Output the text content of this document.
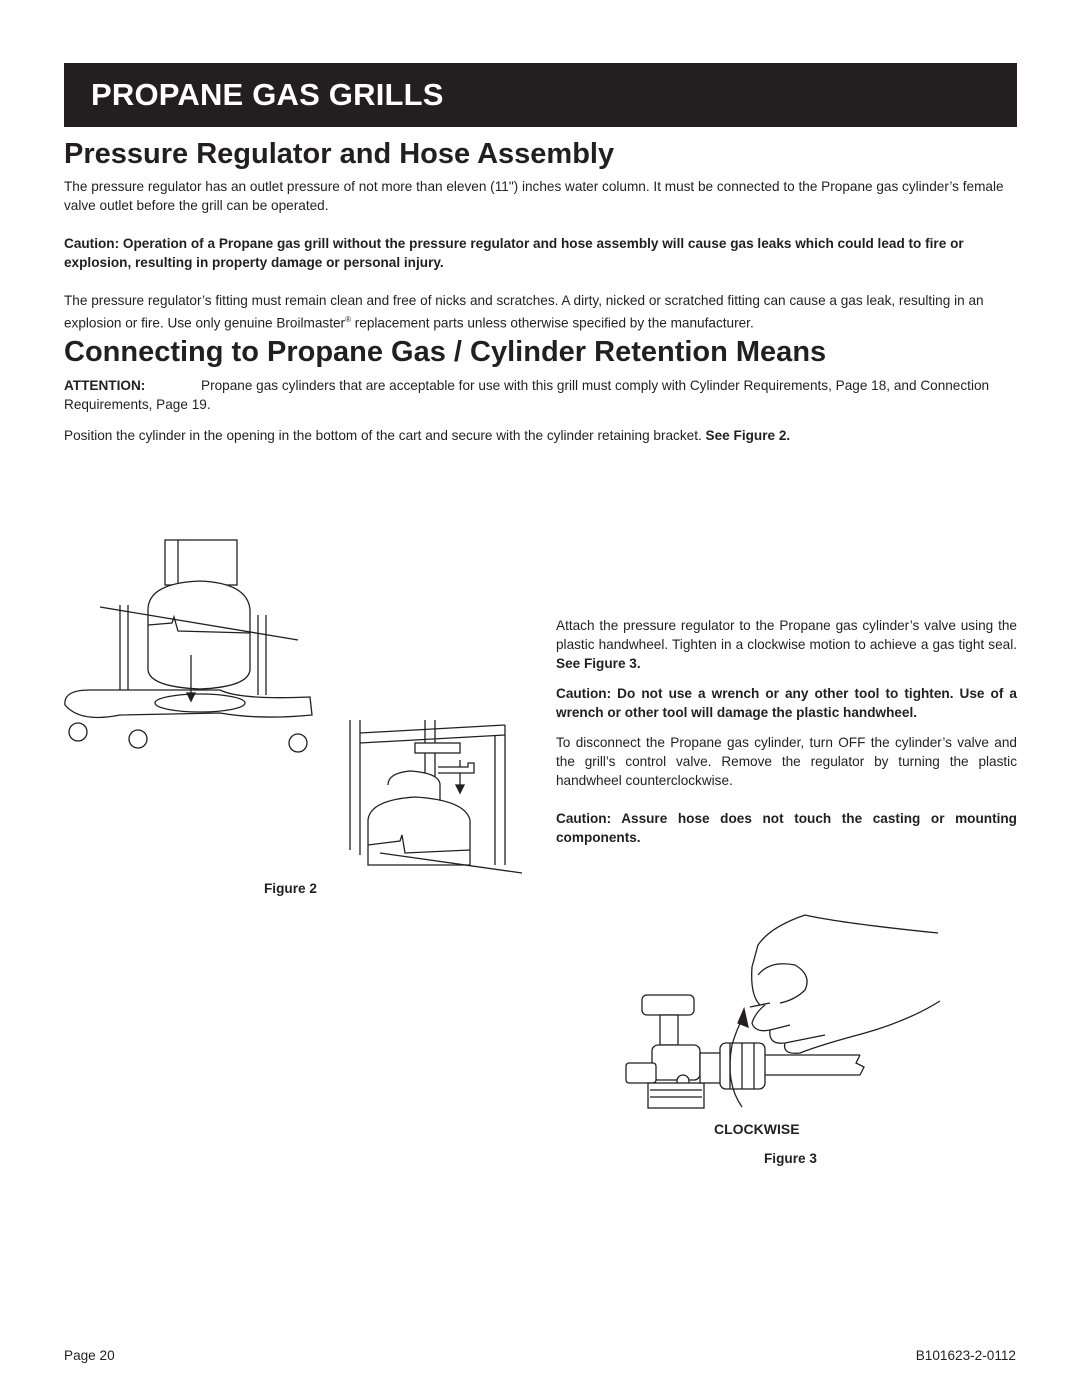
PROPANE GAS GRILLS
Pressure Regulator and Hose Assembly

The pressure regulator has an outlet pressure of not more than eleven (11") inches water column. It must be connected to the Propane gas cylinder’s female valve outlet before the grill can be operated.

Caution: Operation of a Propane gas grill without the pressure regulator and hose assembly will cause gas leaks which could lead to fire or explosion, resulting in property damage or personal injury.

The pressure regulator’s fitting must remain clean and free of nicks and scratches. A dirty, nicked or scratched fitting can cause a gas leak, resulting in an explosion or fire. Use only genuine Broilmaster® replacement parts unless otherwise specified by the manufacturer.

Connecting to Propane Gas / Cylinder Retention Means

ATTENTION:	Propane gas cylinders that are acceptable for use with this grill must comply with Cylinder Requirements, Page 18, and Connection Requirements, Page 19.

Position the cylinder in the opening in the bottom of the cart and secure with the cylinder retaining bracket. See Figure 2.

Figure 2

Attach the pressure regulator to the Propane gas cylinder’s valve using the plastic handwheel. Tighten in a clockwise motion to achieve a gas tight seal. See Figure 3.

Caution: Do not use a wrench or any other tool to tighten. Use of a wrench or other tool will damage the plastic handwheel.

To disconnect the Propane gas cylinder, turn OFF the cylinder’s valve and the grill’s control valve. Remove the regulator by turning the plastic handwheel counterclockwise.

Caution: Assure hose does not touch the casting or mounting components.

CLOCKWISE

Figure 3

Page 20	B101623-2-0112
